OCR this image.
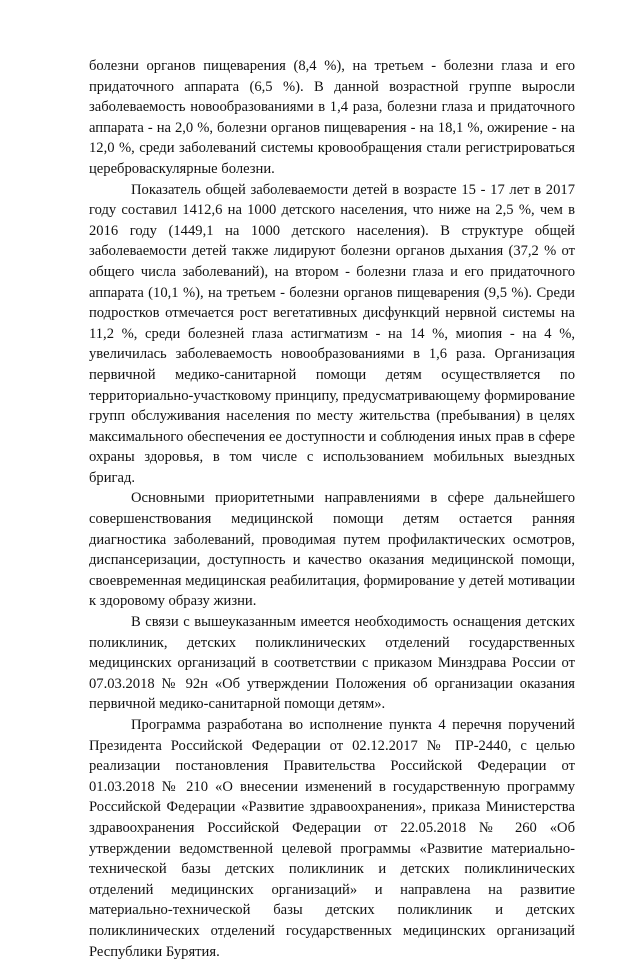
болезни органов пищеварения (8,4 %), на третьем - болезни глаза и его придаточного аппарата (6,5 %). В данной возрастной группе выросли заболеваемость новообразованиями в 1,4 раза, болезни глаза и придаточного аппарата - на 2,0 %, болезни органов пищеварения - на 18,1 %, ожирение - на 12,0 %, среди заболеваний системы кровообращения стали регистрироваться цереброваскулярные болезни.

Показатель общей заболеваемости детей в возрасте 15 - 17 лет в 2017 году составил 1412,6 на 1000 детского населения, что ниже на 2,5 %, чем в 2016 году (1449,1 на 1000 детского населения). В структуре общей заболеваемости детей также лидируют болезни органов дыхания (37,2 % от общего числа заболеваний), на втором - болезни глаза и его придаточного аппарата (10,1 %), на третьем - болезни органов пищеварения (9,5 %). Среди подростков отмечается рост вегетативных дисфункций нервной системы на 11,2 %, среди болезней глаза астигматизм - на 14 %, миопия - на 4 %, увеличилась заболеваемость новообразованиями в 1,6 раза. Организация первичной медико-санитарной помощи детям осуществляется по территориально-участковому принципу, предусматривающему формирование групп обслуживания населения по месту жительства (пребывания) в целях максимального обеспечения ее доступности и соблюдения иных прав в сфере охраны здоровья, в том числе с использованием мобильных выездных бригад.

Основными приоритетными направлениями в сфере дальнейшего совершенствования медицинской помощи детям остается ранняя диагностика заболеваний, проводимая путем профилактических осмотров, диспансеризации, доступность и качество оказания медицинской помощи, своевременная медицинская реабилитация, формирование у детей мотивации к здоровому образу жизни.

В связи с вышеуказанным имеется необходимость оснащения детских поликлиник, детских поликлинических отделений государственных медицинских организаций в соответствии с приказом Минздрава России от 07.03.2018 № 92н «Об утверждении Положения об организации оказания первичной медико-санитарной помощи детям».

Программа разработана во исполнение пункта 4 перечня поручений Президента Российской Федерации от 02.12.2017 № ПР-2440, с целью реализации постановления Правительства Российской Федерации от 01.03.2018 № 210 «О внесении изменений в государственную программу Российской Федерации «Развитие здравоохранения», приказа Министерства здравоохранения Российской Федерации от 22.05.2018 № 260 «Об утверждении ведомственной целевой программы «Развитие материально-технической базы детских поликлиник и детских поликлинических отделений медицинских организаций» и направлена на развитие материально-технической базы детских поликлиник и детских поликлинических отделений государственных медицинских организаций Республики Бурятия.
